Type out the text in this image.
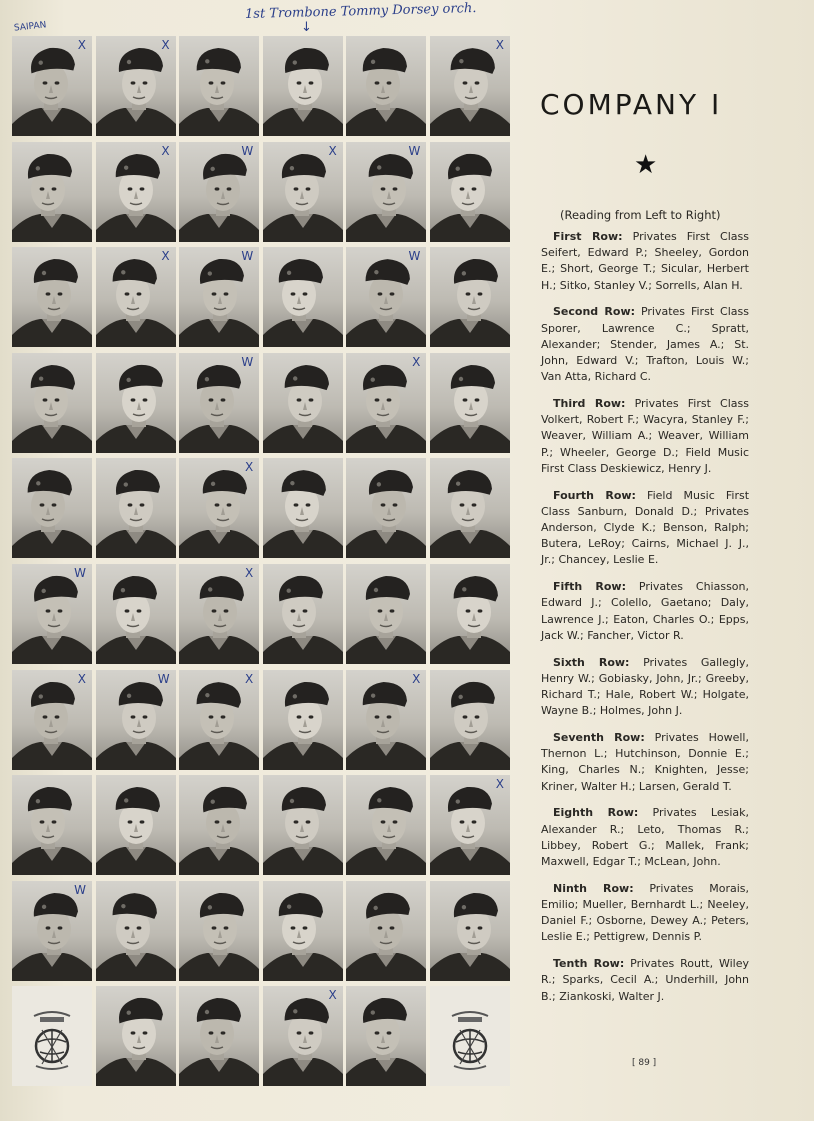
1st Trombone Tommy Dorsey orch.
↓
SAIPAN
X	X	X
X	W	X	W
X	W	W
W	X
X
W	X
X	W	X	X
X
W
X
COMPANY I
★
(Reading from Left to Right)

First Row: Privates First Class Seifert, Edward P.; Sheeley, Gordon E.; Short, George T.; Sicular, Herbert H.; Sitko, Stanley V.; Sorrells, Alan H.

Second Row: Privates First Class Sporer, Lawrence C.; Spratt, Alexander; Stender, James A.; St. John, Edward V.; Trafton, Louis W.; Van Atta, Richard C.

Third Row: Privates First Class Volkert, Robert F.; Wacyra, Stanley F.; Weaver, William A.; Weaver, William P.; Wheeler, George D.; Field Music First Class Deskiewicz, Henry J.

Fourth Row: Field Music First Class Sanburn, Donald D.; Privates Anderson, Clyde K.; Benson, Ralph; Butera, LeRoy; Cairns, Michael J. J., Jr.; Chancey, Leslie E.

Fifth Row: Privates Chiasson, Edward J.; Colello, Gaetano; Daly, Lawrence J.; Eaton, Charles O.; Epps, Jack W.; Fancher, Victor R.

Sixth Row: Privates Gallegly, Henry W.; Gobiasky, John, Jr.; Greeby, Richard T.; Hale, Robert W.; Holgate, Wayne B.; Holmes, John J.

Seventh Row: Privates Howell, Thernon L.; Hutchinson, Donnie E.; King, Charles N.; Knighten, Jesse; Kriner, Walter H.; Larsen, Gerald T.

Eighth Row: Privates Lesiak, Alexander R.; Leto, Thomas R.; Libbey, Robert G.; Mallek, Frank; Maxwell, Edgar T.; McLean, John.

Ninth Row: Privates Morais, Emilio; Mueller, Bernhardt L.; Neeley, Daniel F.; Osborne, Dewey A.; Peters, Leslie E.; Pettigrew, Dennis P.

Tenth Row: Privates Routt, Wiley R.; Sparks, Cecil A.; Underhill, John B.; Ziankoski, Walter J.

[ 89 ]
